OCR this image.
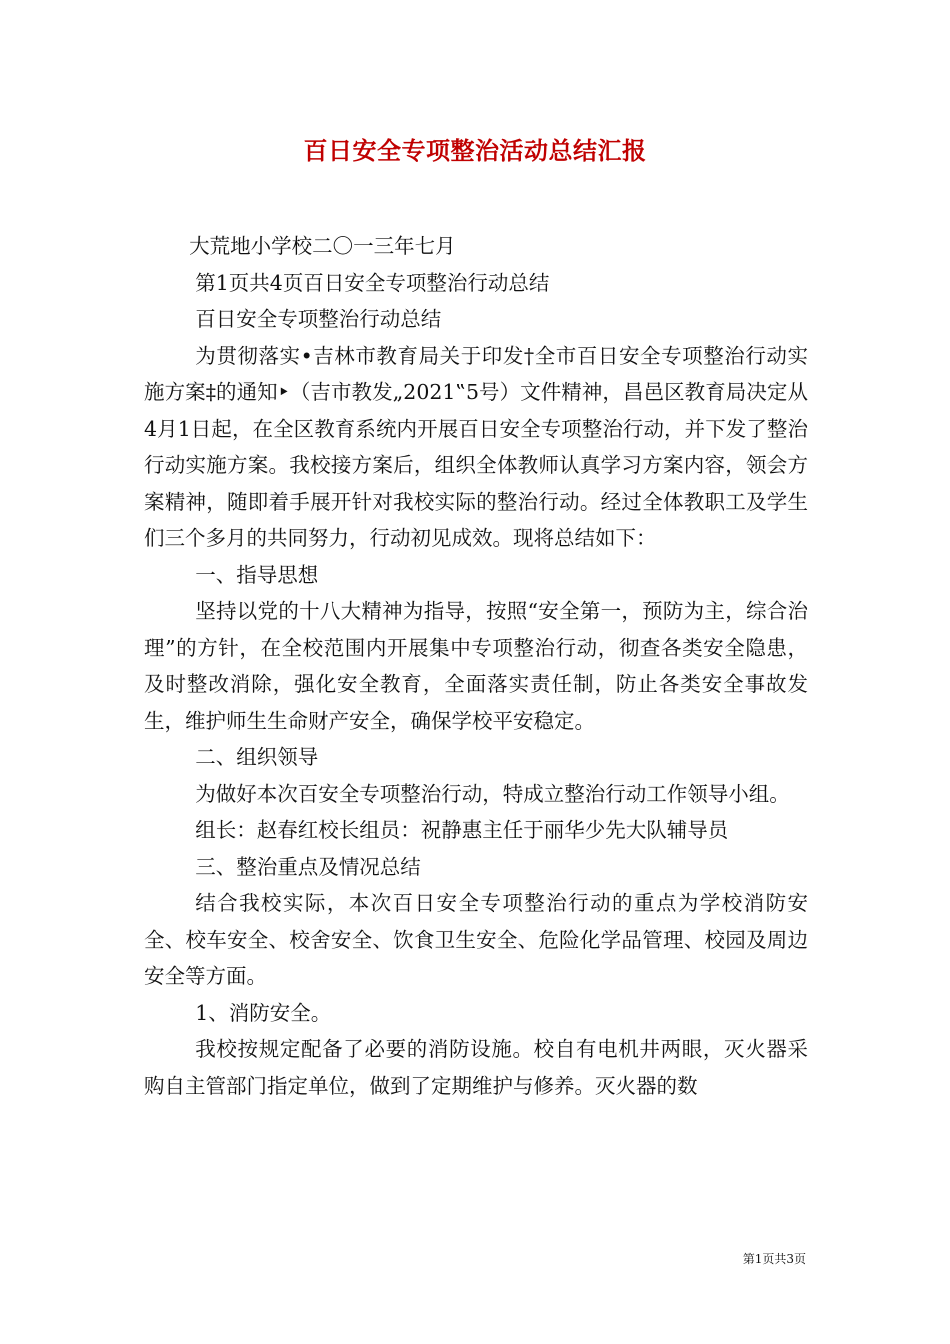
百日安全专项整治活动总结汇报

大荒地小学校二〇一三年七月

第1页共4页百日安全专项整治行动总结

百日安全专项整治行动总结

为贯彻落实•吉林市教育局关于印发†全市百日安全专项整治行动实施方案‡的通知‣（吉市教发„2021‟5号）文件精神，昌邑区教育局决定从4月1日起，在全区教育系统内开展百日安全专项整治行动，并下发了整治行动实施方案。我校接方案后，组织全体教师认真学习方案内容，领会方案精神，随即着手展开针对我校实际的整治行动。经过全体教职工及学生们三个多月的共同努力，行动初见成效。现将总结如下：

一、指导思想

坚持以党的十八大精神为指导，按照“安全第一，预防为主，综合治理”的方针，在全校范围内开展集中专项整治行动，彻查各类安全隐患，及时整改消除，强化安全教育，全面落实责任制，防止各类安全事故发生，维护师生生命财产安全，确保学校平安稳定。

二、组织领导

为做好本次百安全专项整治行动，特成立整治行动工作领导小组。

组长：赵春红校长组员：祝静惠主任于丽华少先大队辅导员

三、整治重点及情况总结

结合我校实际，本次百日安全专项整治行动的重点为学校消防安全、校车安全、校舍安全、饮食卫生安全、危险化学品管理、校园及周边安全等方面。

1、消防安全。

我校按规定配备了必要的消防设施。校自有电机井两眼，灭火器采购自主管部门指定单位，做到了定期维护与修养。灭火器的数

第1页共3页
